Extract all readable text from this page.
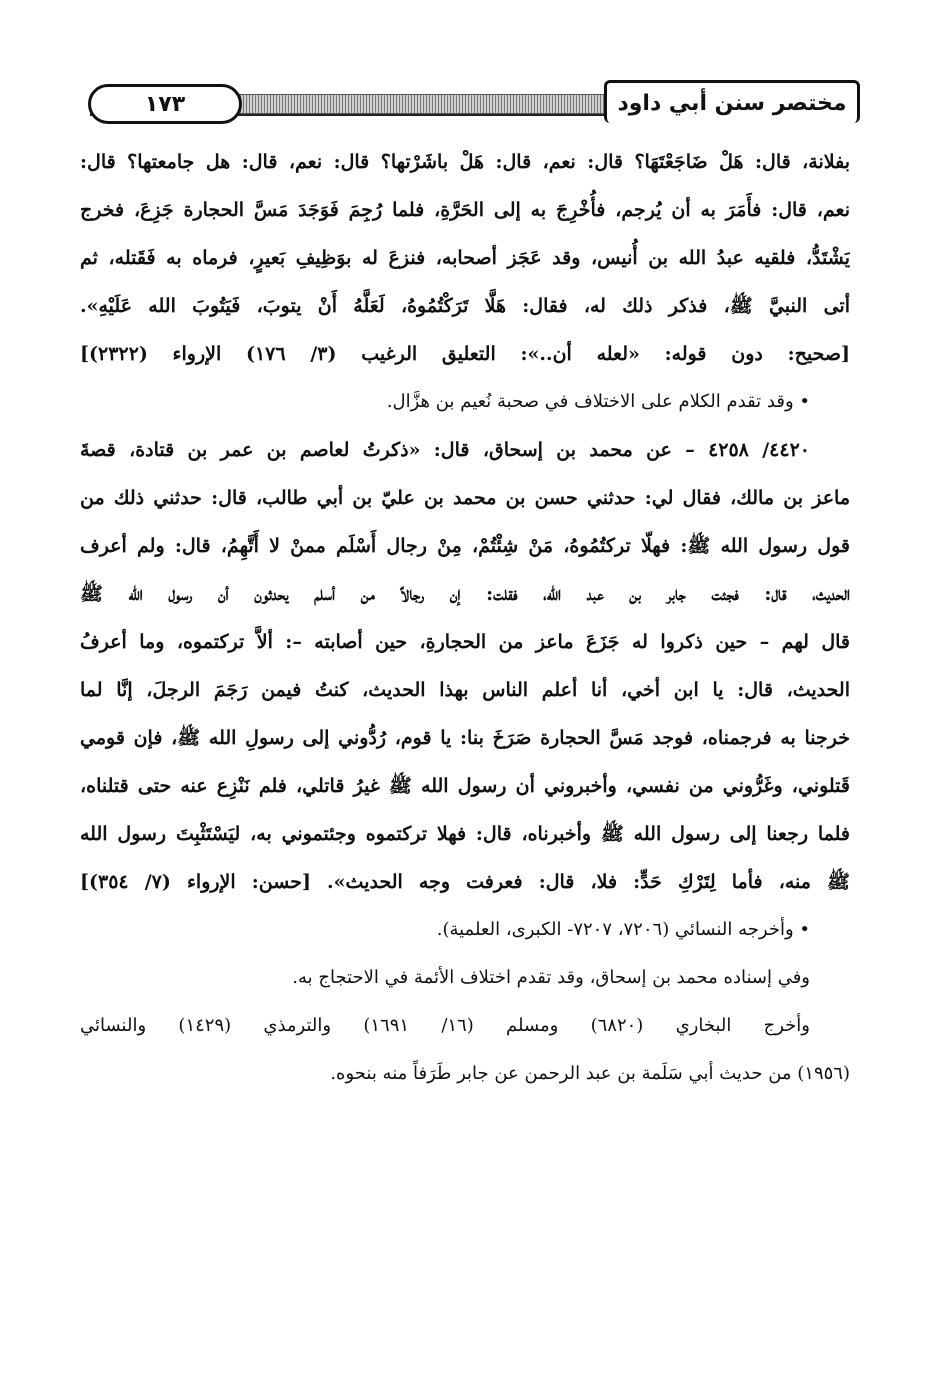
١٧٣	مختصر سنن أبي داود
بفلانة، قال: هَلْ ضَاجَعْتَهَا؟ قال: نعم، قال: هَلْ باشَرْتها؟ قال: نعم، قال: هل جامعتها؟ قال:
نعم، قال: فأَمَرَ به أن يُرجم، فأُخْرِجَ به إلى الحَرَّةِ، فلما رُجِمَ فَوَجَدَ مَسَّ الحجارة جَزِعَ، فخرج
يَشْتَدُّ، فلقيه عبدُ الله بن أُنيس، وقد عَجَز أصحابه، فنزعَ له بوَظِيفِ بَعيرٍ، فرماه به فَقَتله، ثم
أتى النبيَّ ﷺ، فذكر ذلك له، فقال: هَلَّا تَرَكْتُمُوهُ، لَعَلَّهُ أَنْ يتوبَ، فَيَتُوبَ الله عَلَيْهِ».
[صحيح: دون قوله: «لعله أن..»: التعليق الرغيب (٣/ ١٧٦) الإرواء (٢٣٢٢)]
• وقد تقدم الكلام على الاختلاف في صحبة نُعيم بن هزَّال.
٤٤٢٠/ ٤٢٥٨ – عن محمد بن إسحاق، قال: «ذكرتُ لعاصم بن عمر بن قتادة، قصةَ
ماعز بن مالك، فقال لي: حدثني حسن بن محمد بن عليّ بن أبي طالب، قال: حدثني ذلك من
قول رسول الله ﷺ: فهلّا تركتُمُوهُ، مَنْ شِئْتُمْ، مِنْ رجال أَسْلَم ممنْ لا أَتَّهِمُ، قال: ولم أعرف
الحديث، قال: فجئت جابر بن عبد الله، فقلت: إن رجالاً من أسلم يحدثون أن رسول الله ﷺ
قال لهم – حين ذكروا له جَزَعَ ماعز من الحجارةِ، حين أصابته –: ألاَّ تركتموه، وما أعرفُ
الحديث، قال: يا ابن أخي، أنا أعلم الناس بهذا الحديث، كنتُ فيمن رَجَمَ الرجلَ، إنَّا لما
خرجنا به فرجمناه، فوجد مَسَّ الحجارة صَرَخَ بنا: يا قوم، رُدُّوني إلى رسولِ الله ﷺ، فإن قومي
قَتلوني، وغَرُّوني من نفسي، وأخبروني أن رسول الله ﷺ غيرُ قاتلي، فلم نَنْزِع عنه حتى قتلناه،
فلما رجعنا إلى رسول الله ﷺ وأخبرناه، قال: فهلا تركتموه وجئتموني به، ليَسْتَثْبِتَ رسول الله
ﷺ منه، فأما لِتَرْكِ حَدٍّ: فلا، قال: فعرفت وجه الحديث». [حسن: الإرواء (٧/ ٣٥٤)]
• وأخرجه النسائي (٧٢٠٦، ٧٢٠٧- الكبرى، العلمية).
وفي إسناده محمد بن إسحاق، وقد تقدم اختلاف الأئمة في الاحتجاج به.
وأخرج البخاري (٦٨٢٠) ومسلم (١٦/ ١٦٩١) والترمذي (١٤٢٩) والنسائي
(١٩٥٦) من حديث أبي سَلَمة بن عبد الرحمن عن جابر طَرَفاً منه بنحوه.
